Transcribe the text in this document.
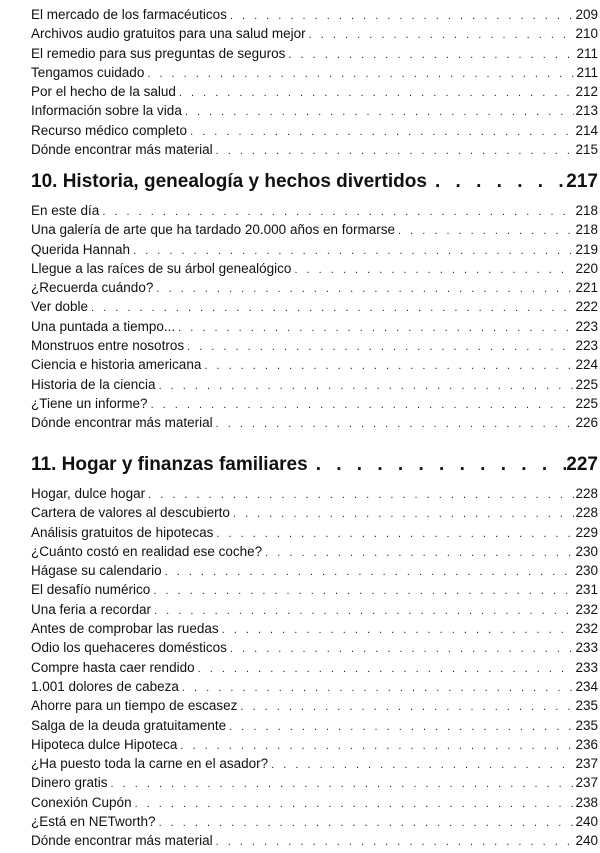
El mercado de los farmacéuticos . . .	209
Archivos audio gratuitos para una salud mejor . . .	210
El remedio para sus preguntas de seguros . . .	211
Tengamos cuidado . . .	211
Por el hecho de la salud . . .	212
Información sobre la vida . . .	213
Recurso médico completo . . .	214
Dónde encontrar más material . . .	215
10. Historia, genealogía y hechos divertidos . . .	217
En este día . . .	218
Una galería de arte que ha tardado 20.000 años en formarse . . .	218
Querida Hannah . . .	219
Llegue a las raíces de su árbol genealógico . . .	220
¿Recuerda cuándo? . . .	221
Ver doble . . .	222
Una puntada a tiempo... . . .	223
Monstruos entre nosotros . . .	223
Ciencia e historia americana . . .	224
Historia de la ciencia . . .	225
¿Tiene un informe? . . .	225
Dónde encontrar más material . . .	226
11. Hogar y finanzas familiares . . .	227
Hogar, dulce hogar . . .	228
Cartera de valores al descubierto . . .	228
Análisis gratuitos de hipotecas . . .	229
¿Cuánto costó en realidad ese coche? . . .	230
Hágase su calendario . . .	230
El desafío numérico . . .	231
Una feria a recordar . . .	232
Antes de comprobar las ruedas . . .	232
Odio los quehaceres domésticos . . .	233
Compre hasta caer rendido . . .	233
1.001 dolores de cabeza . . .	234
Ahorre para un tiempo de escasez . . .	235
Salga de la deuda gratuitamente . . .	235
Hipoteca dulce Hipoteca . . .	236
¿Ha puesto toda la carne en el asador? . . .	237
Dinero gratis . . .	237
Conexión Cupón . . .	238
¿Está en NETworth? . . .	240
Dónde encontrar más material . . .	240
